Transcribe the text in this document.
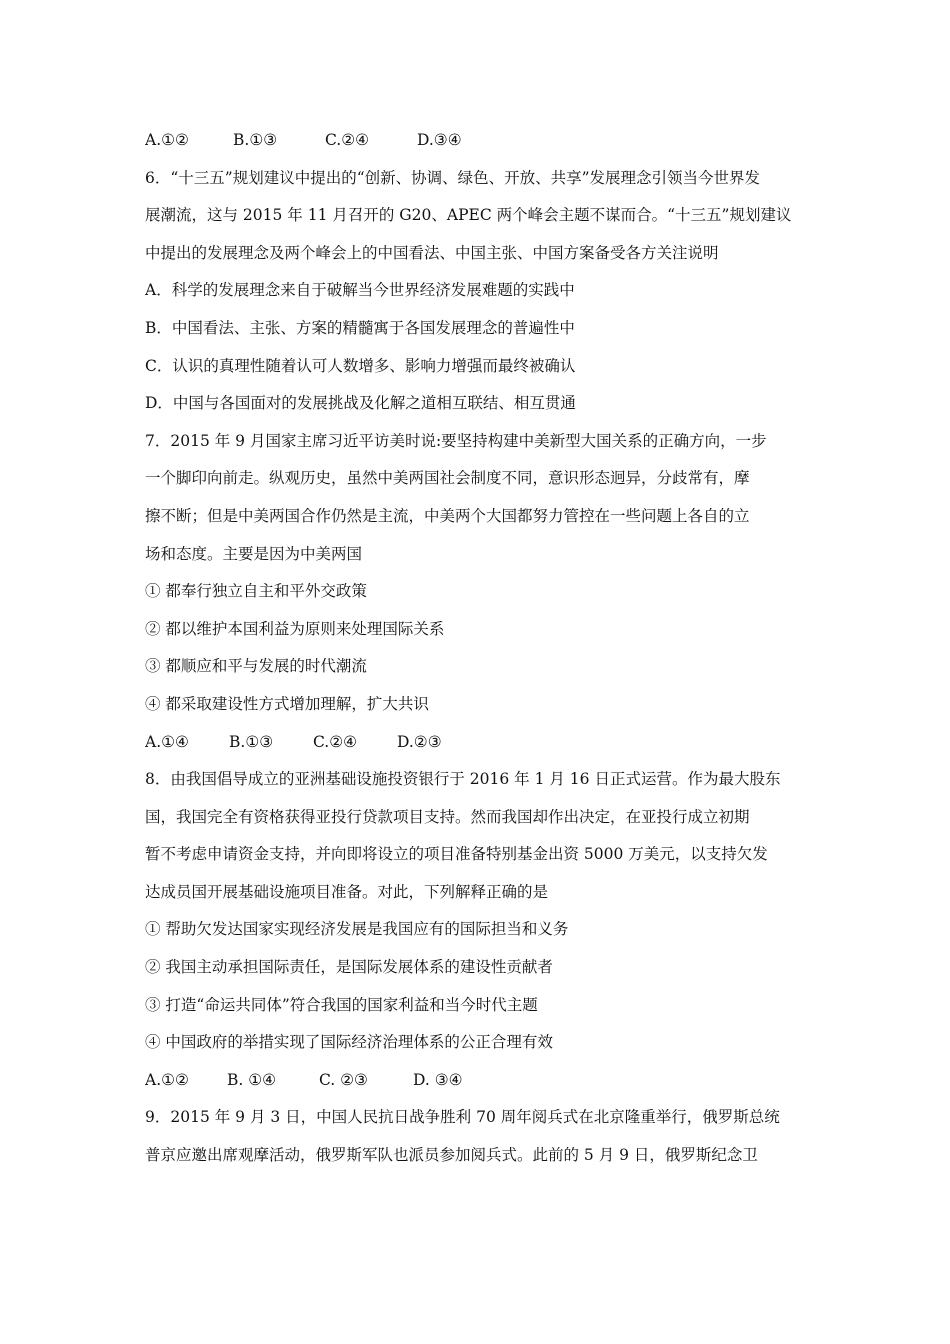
A.①②	B.①③	C.②④	D.③④
6．“十三五”规划建议中提出的“创新、协调、绿色、开放、共享”发展理念引领当今世界发
展潮流，这与 2015 年 11 月召开的 G20、APEC 两个峰会主题不谋而合。“十三五”规划建议
中提出的发展理念及两个峰会上的中国看法、中国主张、中国方案备受各方关注说明
A．科学的发展理念来自于破解当今世界经济发展难题的实践中
B．中国看法、主张、方案的精髓寓于各国发展理念的普遍性中
C．认识的真理性随着认可人数增多、影响力增强而最终被确认
D．中国与各国面对的发展挑战及化解之道相互联结、相互贯通
7．2015 年 9 月国家主席习近平访美时说:要坚持构建中美新型大国关系的正确方向，一步
一个脚印向前走。纵观历史，虽然中美两国社会制度不同，意识形态迥异，分歧常有，摩
擦不断；但是中美两国合作仍然是主流，中美两个大国都努力管控在一些问题上各自的立
场和态度。主要是因为中美两国
① 都奉行独立自主和平外交政策
② 都以维护本国利益为原则来处理国际关系
③ 都顺应和平与发展的时代潮流
④ 都采取建设性方式增加理解，扩大共识
A.①④	B.①③	C.②④	D.②③
8．由我国倡导成立的亚洲基础设施投资银行于 2016 年 1 月 16 日正式运营。作为最大股东
国，我国完全有资格获得亚投行贷款项目支持。然而我国却作出决定，在亚投行成立初期
暂不考虑申请资金支持，并向即将设立的项目准备特别基金出资 5000 万美元，以支持欠发
达成员国开展基础设施项目准备。对此，下列解释正确的是
① 帮助欠发达国家实现经济发展是我国应有的国际担当和义务
② 我国主动承担国际责任，是国际发展体系的建设性贡献者
③ 打造“命运共同体”符合我国的国家利益和当今时代主题
④ 中国政府的举措实现了国际经济治理体系的公正合理有效
A.①② B. ①④	C. ②③	D. ③④
9．2015 年 9 月 3 日，中国人民抗日战争胜利 70 周年阅兵式在北京隆重举行，俄罗斯总统
普京应邀出席观摩活动，俄罗斯军队也派员参加阅兵式。此前的 5 月 9 日，俄罗斯纪念卫
